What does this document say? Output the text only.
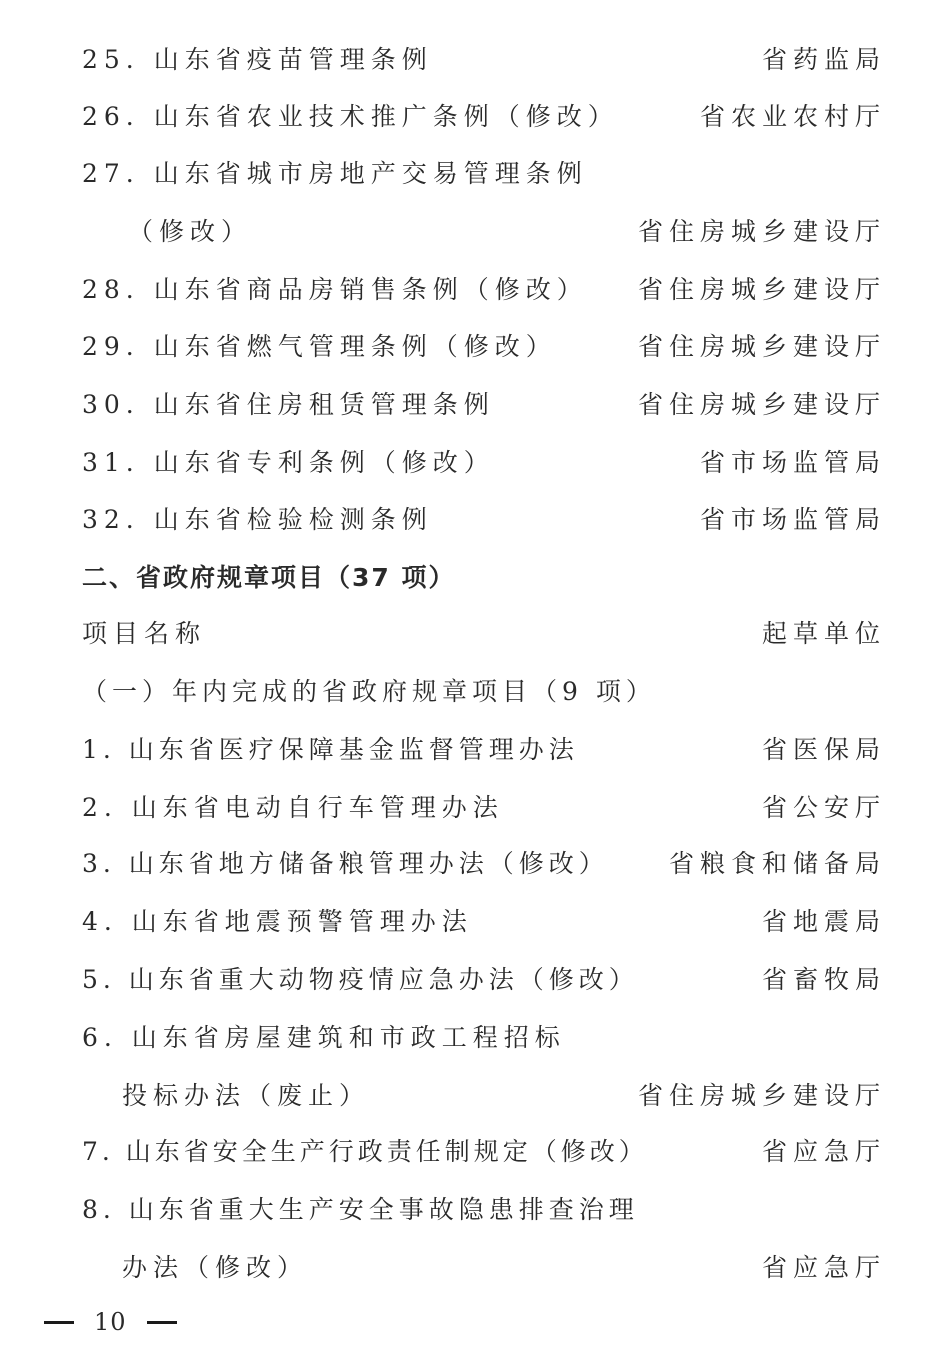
25. 山东省疫苗管理条例	省药监局
26. 山东省农业技术推广条例（修改）	省农业农村厅
27. 山东省城市房地产交易管理条例
（修改）	省住房城乡建设厅
28. 山东省商品房销售条例（修改） 省住房城乡建设厅
29. 山东省燃气管理条例（修改）	省住房城乡建设厅
30. 山东省住房租赁管理条例	省住房城乡建设厅
31. 山东省专利条例（修改）	省市场监管局
32. 山东省检验检测条例	省市场监管局
二、省政府规章项目（37 项）
项目名称	起草单位
（一）年内完成的省政府规章项目（9 项）
1. 山东省医疗保障基金监督管理办法	省医保局
2. 山东省电动自行车管理办法	省公安厅
3. 山东省地方储备粮管理办法（修改） 省粮食和储备局
4. 山东省地震预警管理办法	省地震局
5. 山东省重大动物疫情应急办法（修改）	省畜牧局
6. 山东省房屋建筑和市政工程招标
投标办法（废止）	省住房城乡建设厅
7. 山东省安全生产行政责任制规定（修改）	省应急厅
8. 山东省重大生产安全事故隐患排查治理
办法（修改）	省应急厅
10
